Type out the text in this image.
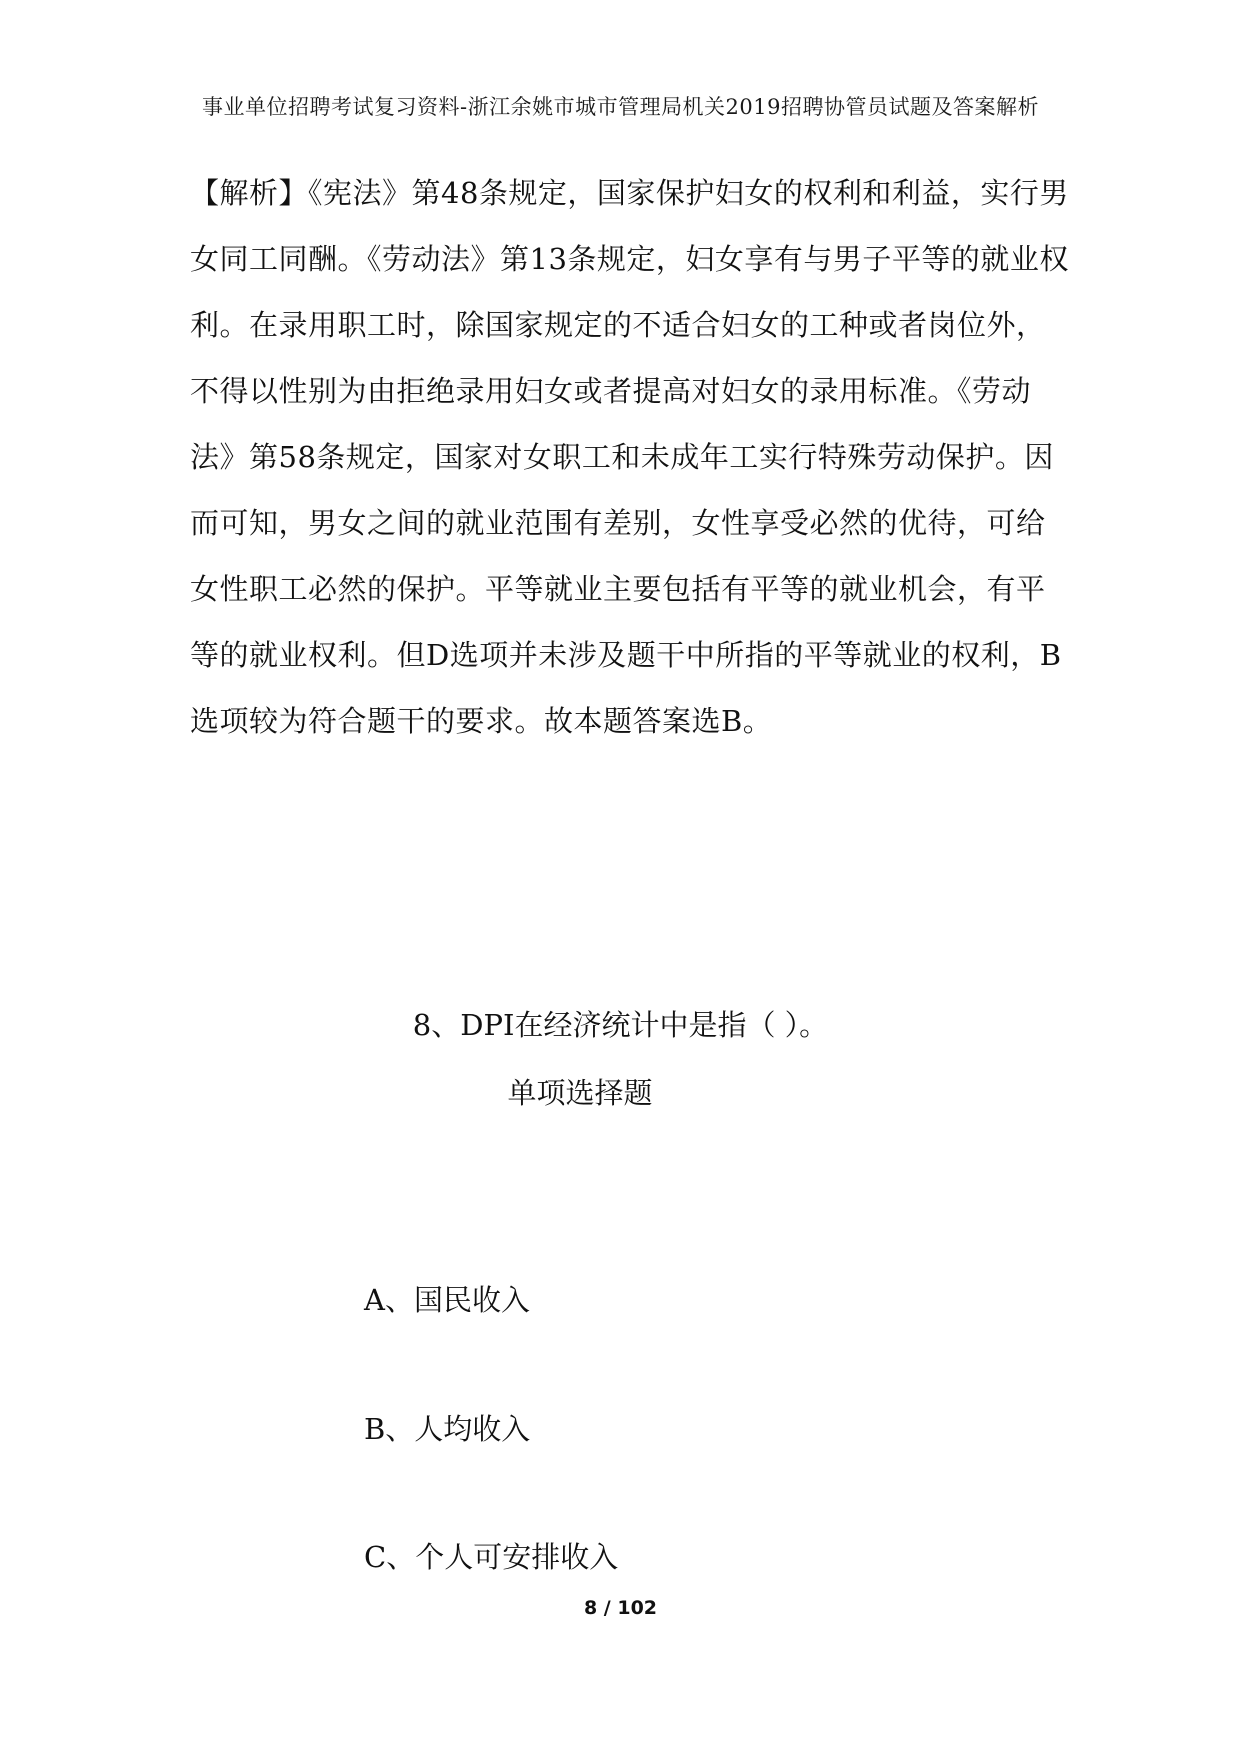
事业单位招聘考试复习资料-浙江余姚市城市管理局机关2019招聘协管员试题及答案解析

【解析】《宪法》第48条规定，国家保护妇女的权利和利益，实行男女同工同酬。《劳动法》第13条规定，妇女享有与男子平等的就业权利。在录用职工时，除国家规定的不适合妇女的工种或者岗位外，不得以性别为由拒绝录用妇女或者提高对妇女的录用标准。《劳动法》第58条规定，国家对女职工和未成年工实行特殊劳动保护。因而可知，男女之间的就业范围有差别，女性享受必然的优待，可给女性职工必然的保护。平等就业主要包括有平等的就业机会，有平等的就业权利。但D选项并未涉及题干中所指的平等就业的权利，B选项较为符合题干的要求。故本题答案选B。

8、DPI在经济统计中是指（ ）。
单项选择题
A、国民收入
B、人均收入
C、个人可安排收入
8 / 102
